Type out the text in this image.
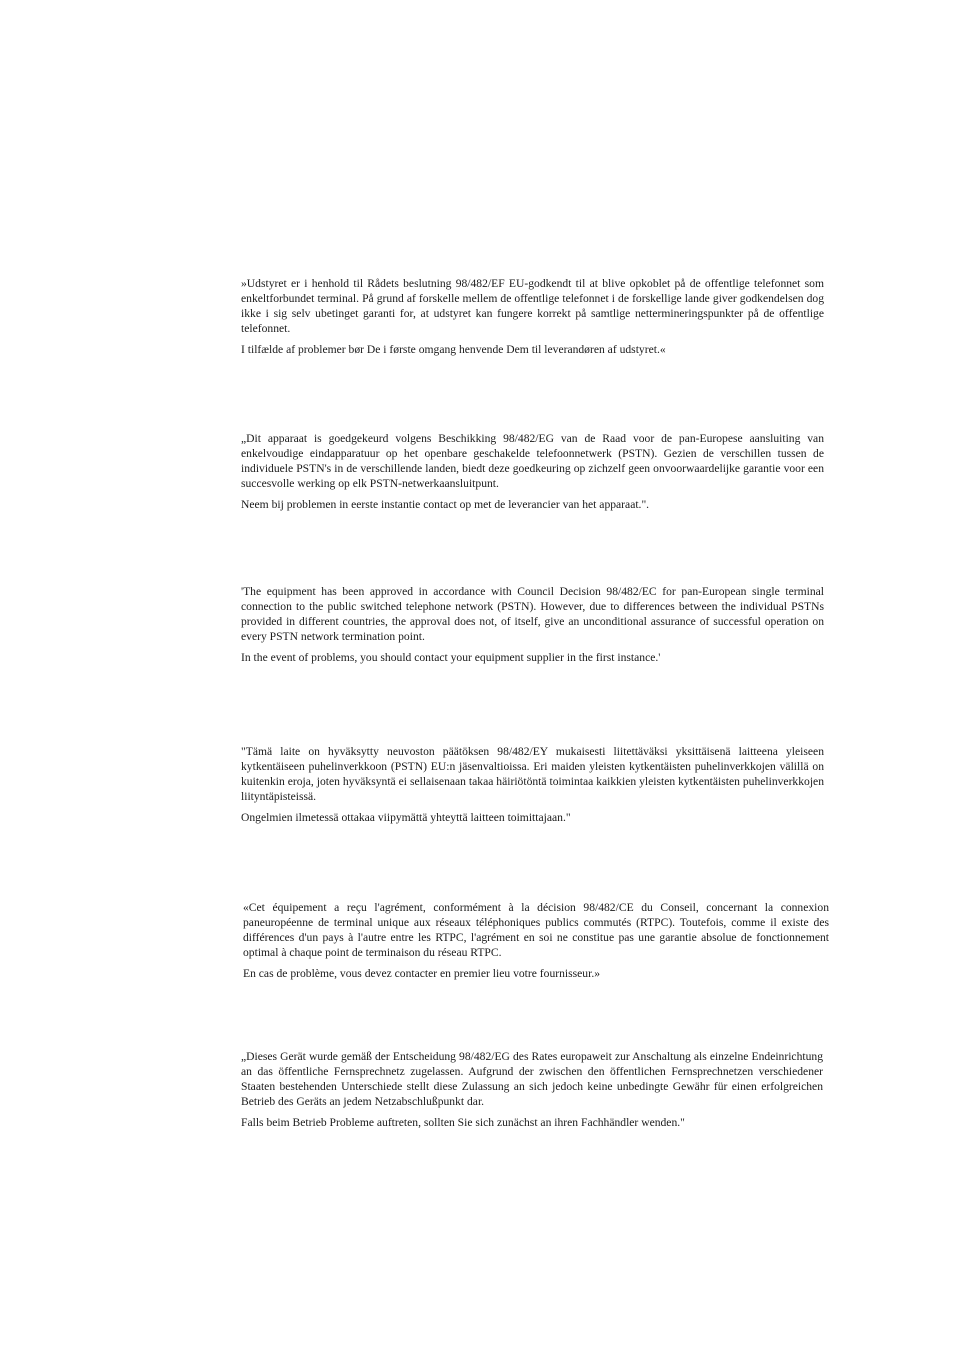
»Udstyret er i henhold til Rådets beslutning 98/482/EF EU-godkendt til at blive opkoblet på de offentlige telefonnet som enkeltforbundet terminal. På grund af forskelle mellem de offentlige telefonnet i de forskellige lande giver godkendelsen dog ikke i sig selv ubetinget garanti for, at udstyret kan fungere korrekt på samtlige nettermineringspunkter på de offentlige telefonnet.

I tilfælde af problemer bør De i første omgang henvende Dem til leverandøren af udstyret.«

„Dit apparaat is goedgekeurd volgens Beschikking 98/482/EG van de Raad voor de pan-Europese aansluiting van enkelvoudige eindapparatuur op het openbare geschakelde telefoonnetwerk (PSTN). Gezien de verschillen tussen de individuele PSTN's in de verschillende landen, biedt deze goedkeuring op zichzelf geen onvoorwaardelijke garantie voor een succesvolle werking op elk PSTN-netwerkaansluitpunt.

Neem bij problemen in eerste instantie contact op met de leverancier van het apparaat.".

'The equipment has been approved in accordance with Council Decision 98/482/EC for pan-European single terminal connection to the public switched telephone network (PSTN). However, due to differences between the individual PSTNs provided in different countries, the approval does not, of itself, give an unconditional assurance of successful operation on every PSTN network termination point.

In the event of problems, you should contact your equipment supplier in the first instance.'

"Tämä laite on hyväksytty neuvoston päätöksen 98/482/EY mukaisesti liitettäväksi yksittäisenä laitteena yleiseen kytkentäiseen puhelinverkkoon (PSTN) EU:n jäsenvaltioissa. Eri maiden yleisten kytkentäisten puhelinverkkojen välillä on kuitenkin eroja, joten hyväksyntä ei sellaisenaan takaa häiriötöntä toimintaa kaikkien yleisten kytkentäisten puhelinverkkojen liityntäpisteissä.

Ongelmien ilmetessä ottakaa viipymättä yhteyttä laitteen toimittajaan."

«Cet équipement a reçu l'agrément, conformément à la décision 98/482/CE du Conseil, concernant la connexion paneuropéenne de terminal unique aux réseaux téléphoniques publics commutés (RTPC). Toutefois, comme il existe des différences d'un pays à l'autre entre les RTPC, l'agrément en soi ne constitue pas une garantie absolue de fonctionnement optimal à chaque point de terminaison du réseau RTPC.

En cas de problème, vous devez contacter en premier lieu votre fournisseur.»

„Dieses Gerät wurde gemäß der Entscheidung 98/482/EG des Rates europaweit zur Anschaltung als einzelne Endeinrichtung an das öffentliche Fernsprechnetz zugelassen. Aufgrund der zwischen den öffentlichen Fernsprechnetzen verschiedener Staaten bestehenden Unterschiede stellt diese Zulassung an sich jedoch keine unbedingte Gewähr für einen erfolgreichen Betrieb des Geräts an jedem Netzabschlußpunkt dar.

Falls beim Betrieb Probleme auftreten, sollten Sie sich zunächst an ihren Fachhändler wenden."
